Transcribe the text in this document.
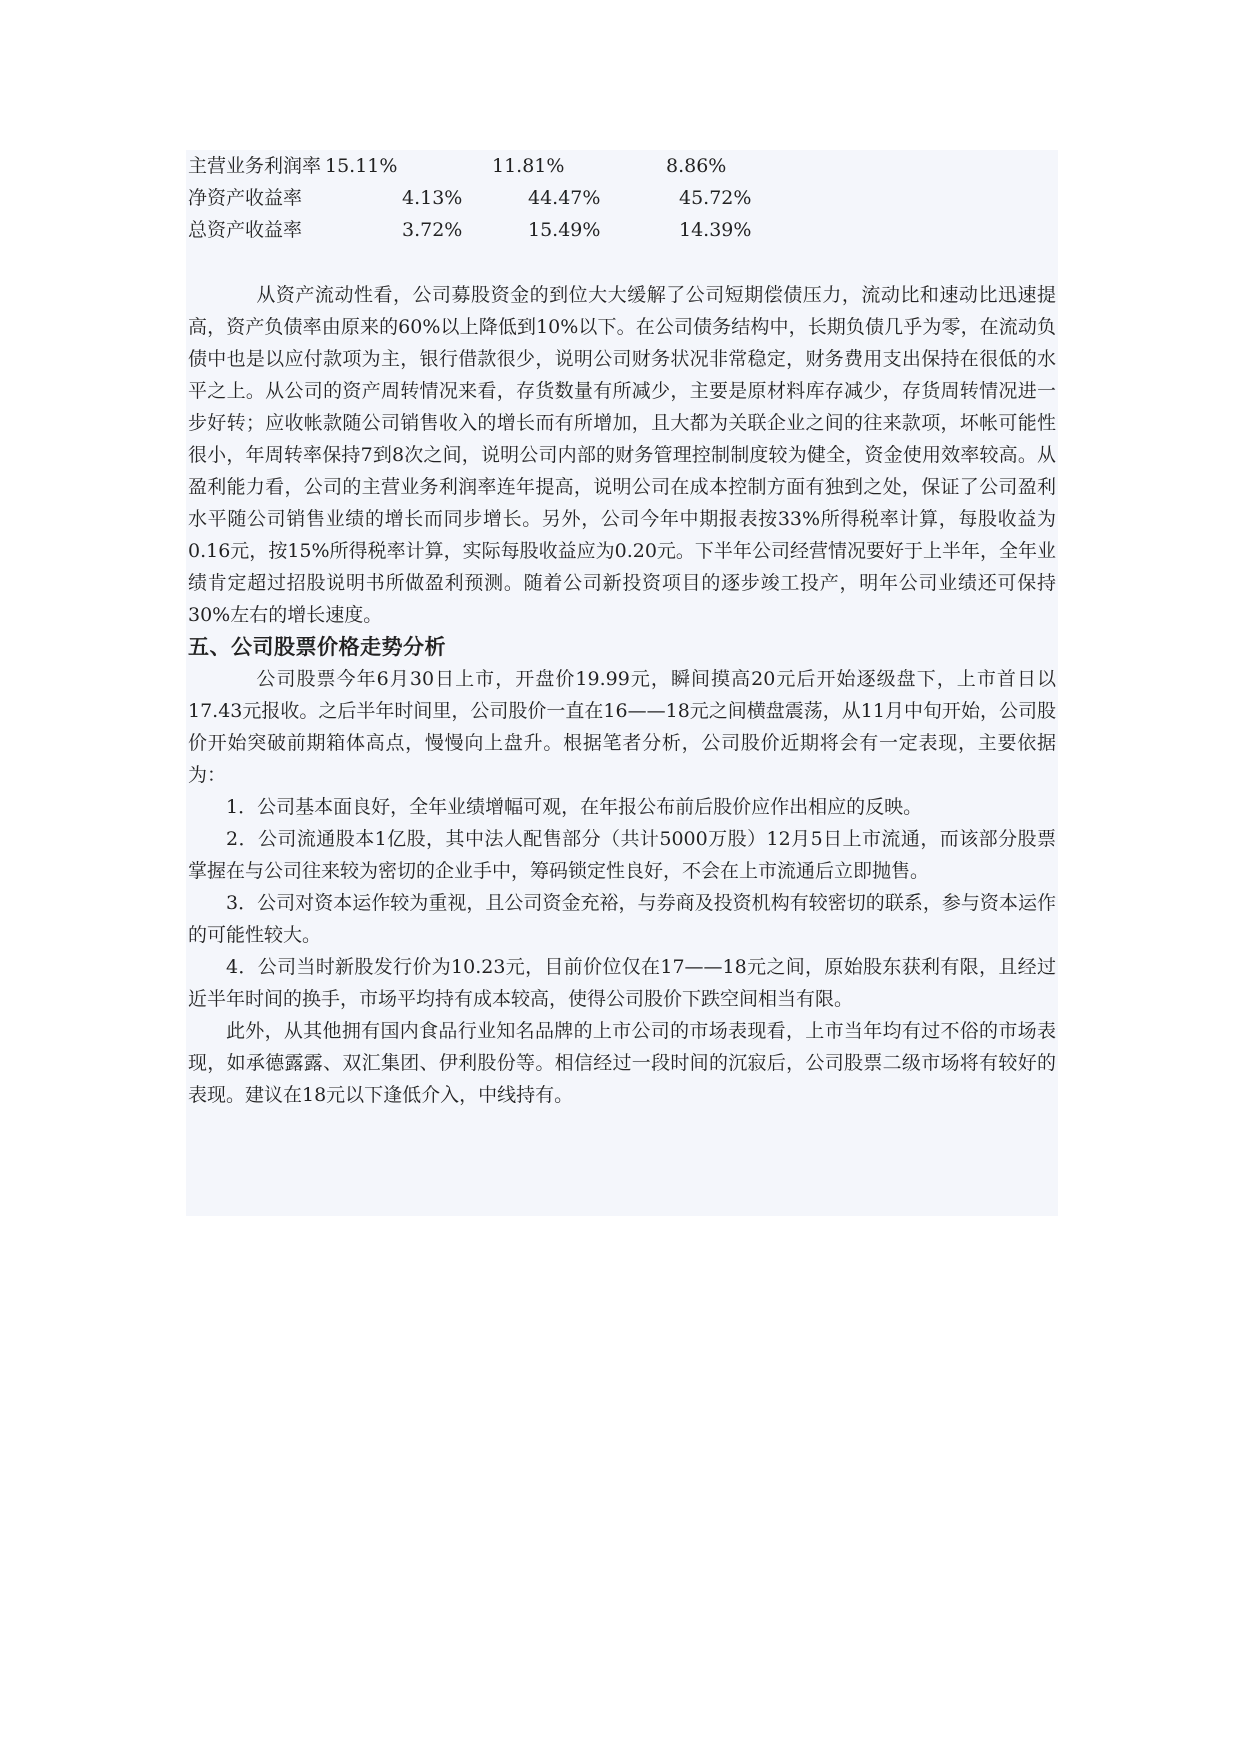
主营业务利润率 15.11%	11.81%	8.86%
净资产收益率	4.13%	44.47%	45.72%
总资产收益率	3.72%	15.49%	14.39%

从资产流动性看，公司募股资金的到位大大缓解了公司短期偿债压力，流动比和速动比迅速提高，资产负债率由原来的60%以上降低到10%以下。在公司债务结构中，长期负债几乎为零，在流动负债中也是以应付款项为主，银行借款很少，说明公司财务状况非常稳定，财务费用支出保持在很低的水平之上。从公司的资产周转情况来看，存货数量有所减少，主要是原材料库存减少，存货周转情况进一步好转；应收帐款随公司销售收入的增长而有所增加，且大都为关联企业之间的往来款项，坏帐可能性很小，年周转率保持7到8次之间，说明公司内部的财务管理控制制度较为健全，资金使用效率较高。从盈利能力看，公司的主营业务利润率连年提高，说明公司在成本控制方面有独到之处，保证了公司盈利水平随公司销售业绩的增长而同步增长。另外，公司今年中期报表按33%所得税率计算，每股收益为0.16元，按15%所得税率计算，实际每股收益应为0.20元。下半年公司经营情况要好于上半年，全年业绩肯定超过招股说明书所做盈利预测。随着公司新投资项目的逐步竣工投产，明年公司业绩还可保持30%左右的增长速度。

五、公司股票价格走势分析

公司股票今年6月30日上市，开盘价19.99元，瞬间摸高20元后开始逐级盘下，上市首日以17.43元报收。之后半年时间里，公司股价一直在16——18元之间横盘震荡，从11月中旬开始，公司股价开始突破前期箱体高点，慢慢向上盘升。根据笔者分析，公司股价近期将会有一定表现，主要依据为：

1．公司基本面良好，全年业绩增幅可观，在年报公布前后股价应作出相应的反映。

2．公司流通股本1亿股，其中法人配售部分（共计5000万股）12月5日上市流通，而该部分股票掌握在与公司往来较为密切的企业手中，筹码锁定性良好，不会在上市流通后立即抛售。

3．公司对资本运作较为重视，且公司资金充裕，与券商及投资机构有较密切的联系，参与资本运作的可能性较大。

4．公司当时新股发行价为10.23元，目前价位仅在17——18元之间，原始股东获利有限，且经过近半年时间的换手，市场平均持有成本较高，使得公司股价下跌空间相当有限。

此外，从其他拥有国内食品行业知名品牌的上市公司的市场表现看，上市当年均有过不俗的市场表现，如承德露露、双汇集团、伊利股份等。相信经过一段时间的沉寂后，公司股票二级市场将有较好的表现。建议在18元以下逢低介入，中线持有。
